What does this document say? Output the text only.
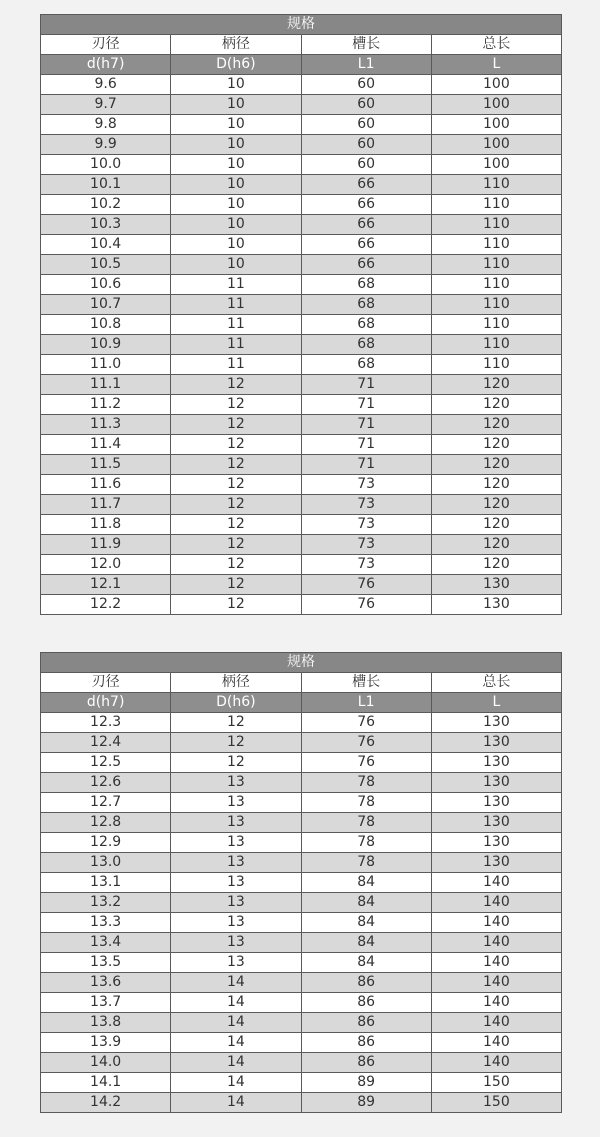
规格			
刃径	柄径	槽长	总长
d(h7)	D(h6)	L1	L
9.6	10	60	100
9.7	10	60	100
9.8	10	60	100
9.9	10	60	100
10.0	10	60	100
10.1	10	66	110
10.2	10	66	110
10.3	10	66	110
10.4	10	66	110
10.5	10	66	110
10.6	11	68	110
10.7	11	68	110
10.8	11	68	110
10.9	11	68	110
11.0	11	68	110
11.1	12	71	120
11.2	12	71	120
11.3	12	71	120
11.4	12	71	120
11.5	12	71	120
11.6	12	73	120
11.7	12	73	120
11.8	12	73	120
11.9	12	73	120
12.0	12	73	120
12.1	12	76	130
12.2	12	76	130
规格			
刃径	柄径	槽长	总长
d(h7)	D(h6)	L1	L
12.3	12	76	130
12.4	12	76	130
12.5	12	76	130
12.6	13	78	130
12.7	13	78	130
12.8	13	78	130
12.9	13	78	130
13.0	13	78	130
13.1	13	84	140
13.2	13	84	140
13.3	13	84	140
13.4	13	84	140
13.5	13	84	140
13.6	14	86	140
13.7	14	86	140
13.8	14	86	140
13.9	14	86	140
14.0	14	86	140
14.1	14	89	150
14.2	14	89	150
